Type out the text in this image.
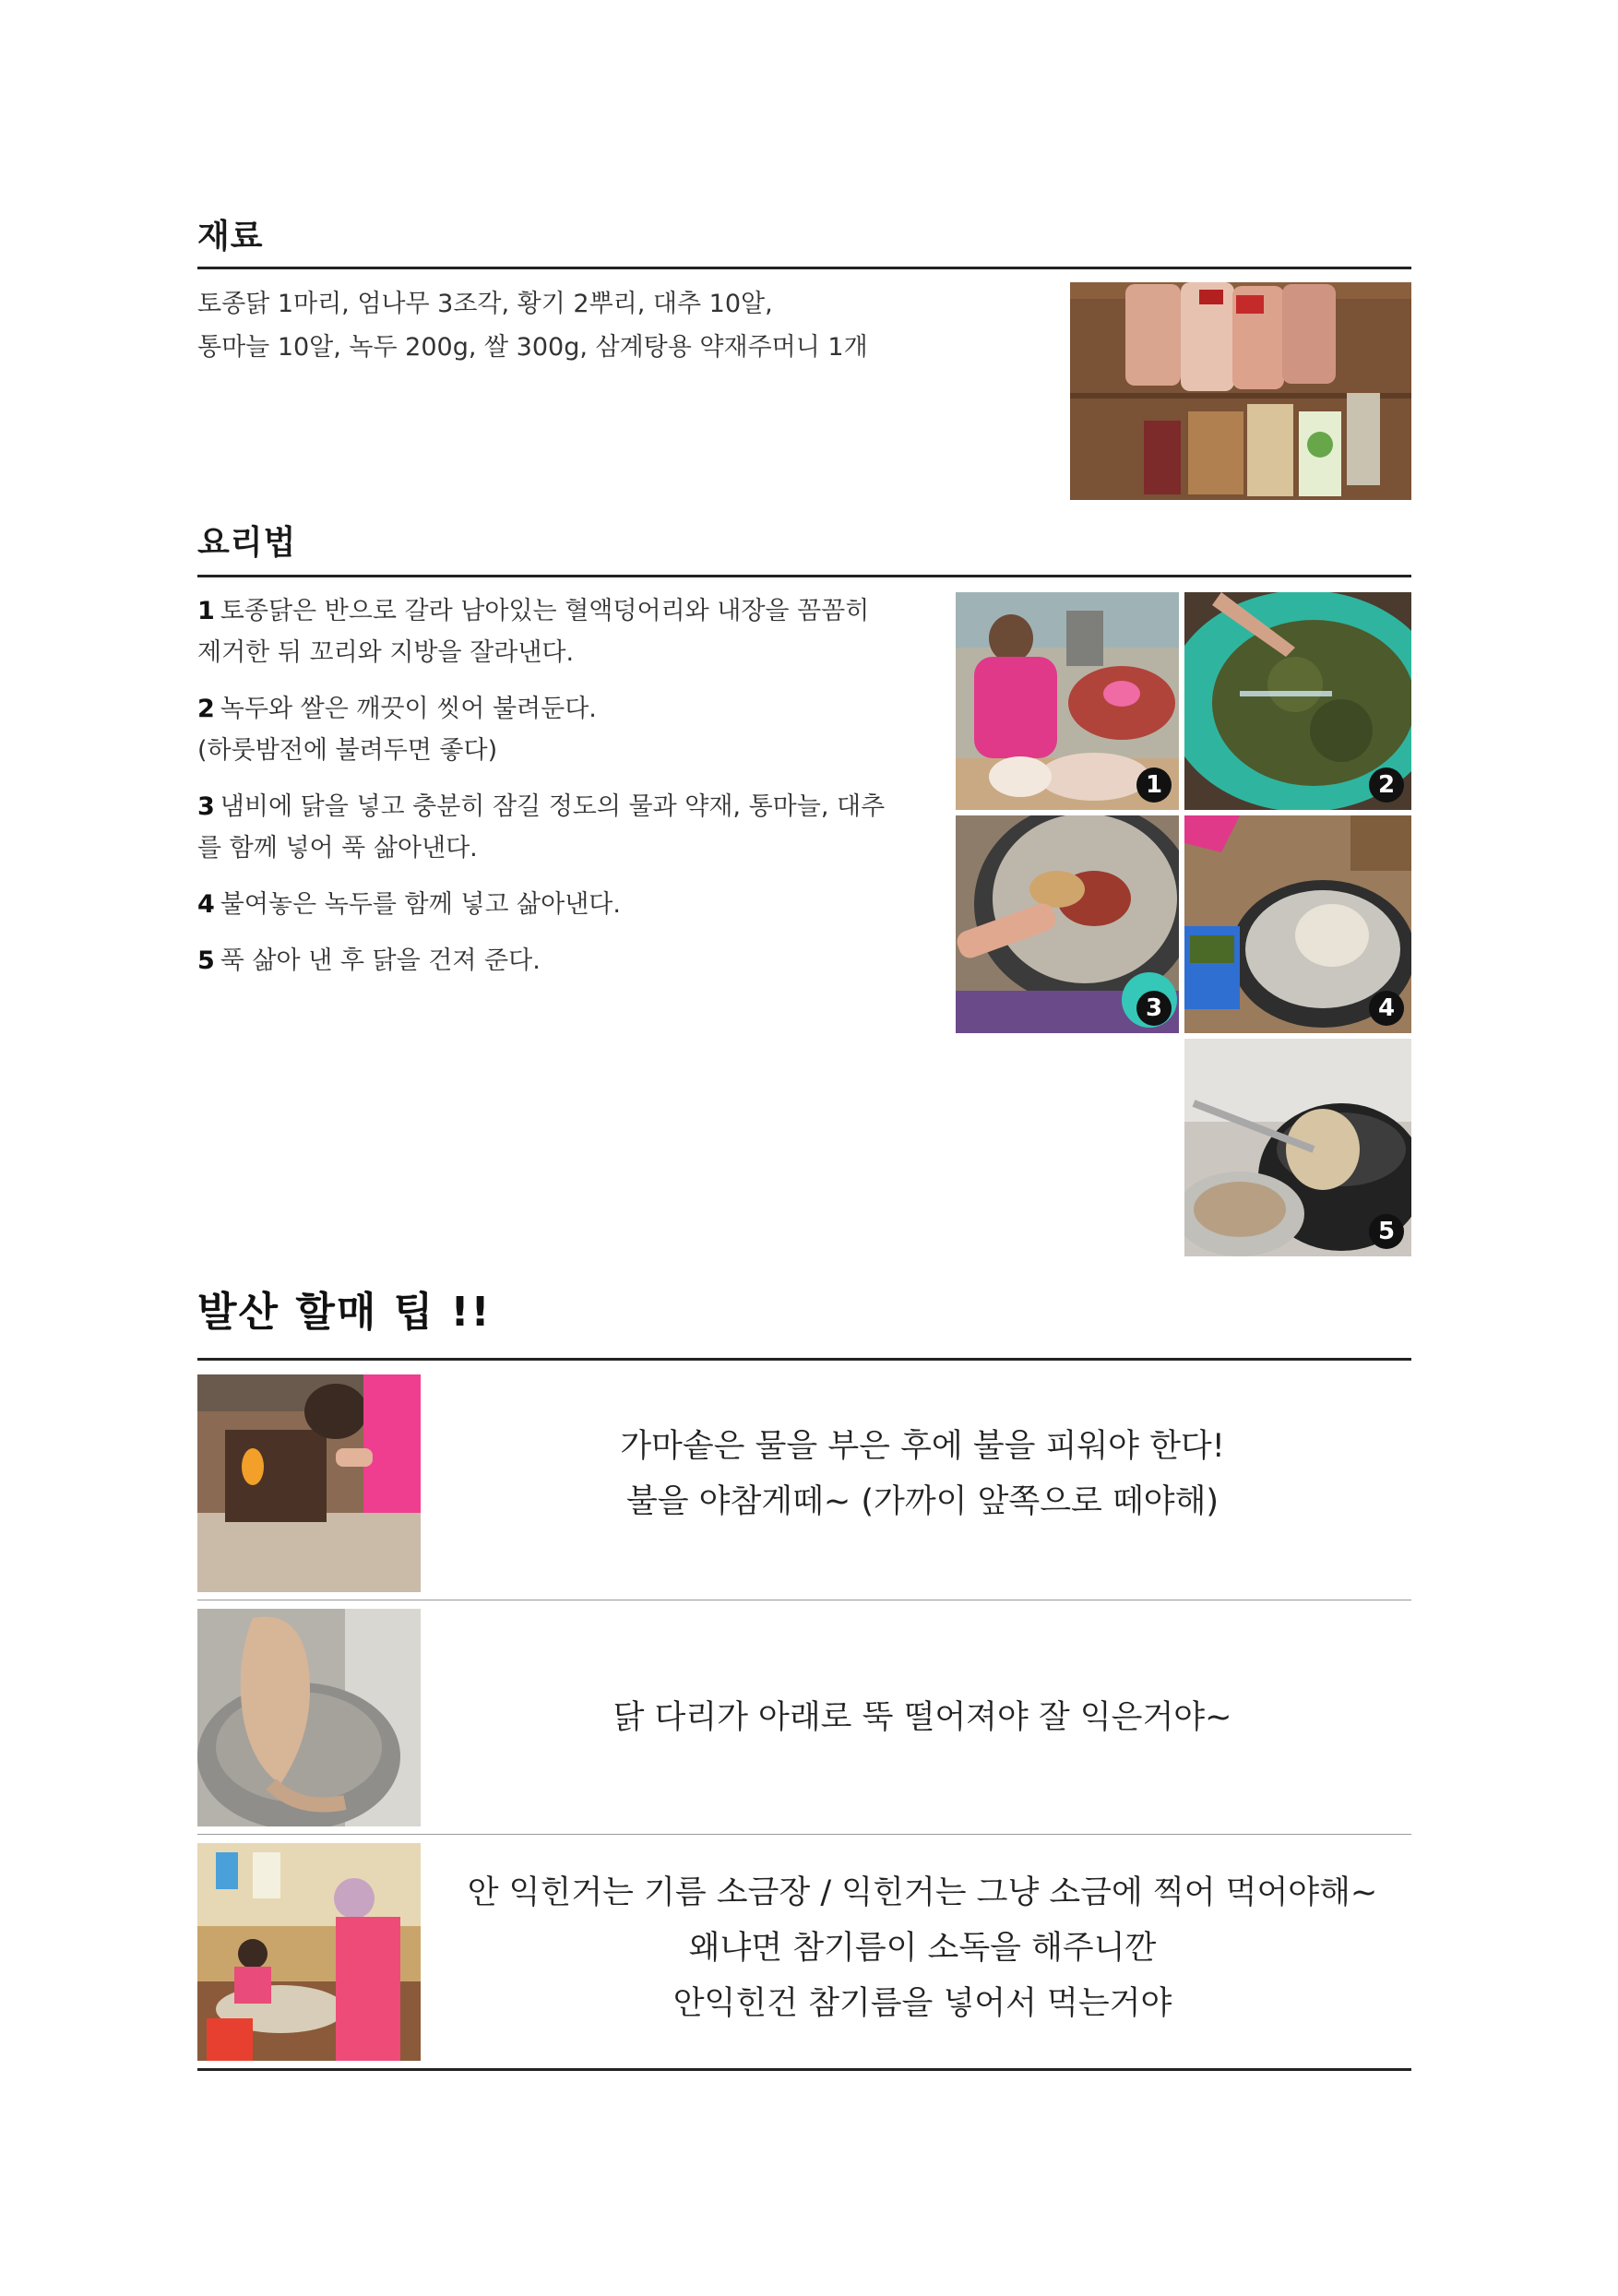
재료
토종닭 1마리, 엄나무 3조각, 황기 2뿌리, 대추 10알,
통마늘 10알, 녹두 200g, 쌀 300g, 삼계탕용 약재주머니 1개
요리법
1 토종닭은 반으로 갈라 남아있는 혈액덩어리와 내장을 꼼꼼히
제거한 뒤 꼬리와 지방을 잘라낸다.
2 녹두와 쌀은 깨끗이 씻어 불려둔다.
(하룻밤전에 불려두면 좋다)
3 냄비에 닭을 넣고 충분히 잠길 정도의 물과 약재, 통마늘, 대추
를 함께 넣어 푹 삶아낸다.
4 불여놓은 녹두를 함께 넣고 삶아낸다.
5 푹 삶아 낸 후 닭을 건져 준다.
1	2
3	4
5
발산 할매 팁 !!
가마솥은 물을 부은 후에 불을 피워야 한다!
불을 야참게떼~ (가까이 앞쪽으로 떼야해)
닭 다리가 아래로 뚝 떨어져야 잘 익은거야~
안 익힌거는 기름 소금장 / 익힌거는 그냥 소금에 찍어 먹어야해~
왜냐면 참기름이 소독을 해주니깐
안익힌건 참기름을 넣어서 먹는거야
